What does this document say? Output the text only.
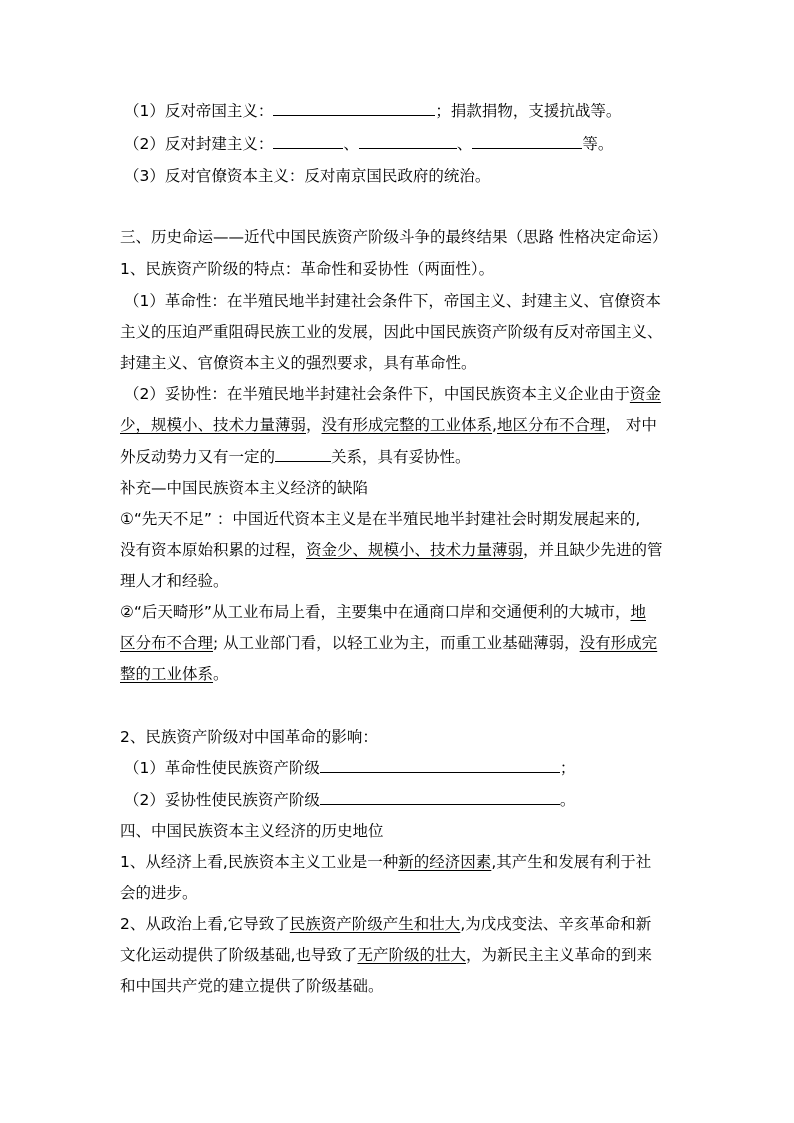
（1）反对帝国主义：	；捐款捐物，支援抗战等。
（2）反对封建主义：	、	、	等。
（3）反对官僚资本主义：反对南京国民政府的统治。
三、历史命运——近代中国民族资产阶级斗争的最终结果（思路 性格决定命运）
1、民族资产阶级的特点：革命性和妥协性（两面性）。
（1）革命性：在半殖民地半封建社会条件下，帝国主义、封建主义、官僚资本
主义的压迫严重阻碍民族工业的发展，因此中国民族资产阶级有反对帝国主义、
封建主义、官僚资本主义的强烈要求，具有革命性。
（2）妥协性：在半殖民地半封建社会条件下，中国民族资本主义企业由于资金
少，规模小、技术力量薄弱，没有形成完整的工业体系,地区分布不合理， 对中
外反动势力又有一定的	关系，具有妥协性。
补充—中国民族资本主义经济的缺陷
①“先天不足” ：中国近代资本主义是在半殖民地半封建社会时期发展起来的,
没有资本原始积累的过程，资金少、规模小、技术力量薄弱，并且缺少先进的管
理人才和经验。
②“后天畸形”从工业布局上看，主要集中在通商口岸和交通便利的大城市，地
区分布不合理; 从工业部门看，以轻工业为主，而重工业基础薄弱，没有形成完
整的工业体系。
2、民族资产阶级对中国革命的影响：
（1）革命性使民族资产阶级	；
（2）妥协性使民族资产阶级	。
四、中国民族资本主义经济的历史地位
1、从经济上看,民族资本主义工业是一种新的经济因素,其产生和发展有利于社
会的进步。
2、从政治上看,它导致了民族资产阶级产生和壮大,为戊戌变法、辛亥革命和新
文化运动提供了阶级基础,也导致了无产阶级的壮大，为新民主主义革命的到来
和中国共产党的建立提供了阶级基础。
